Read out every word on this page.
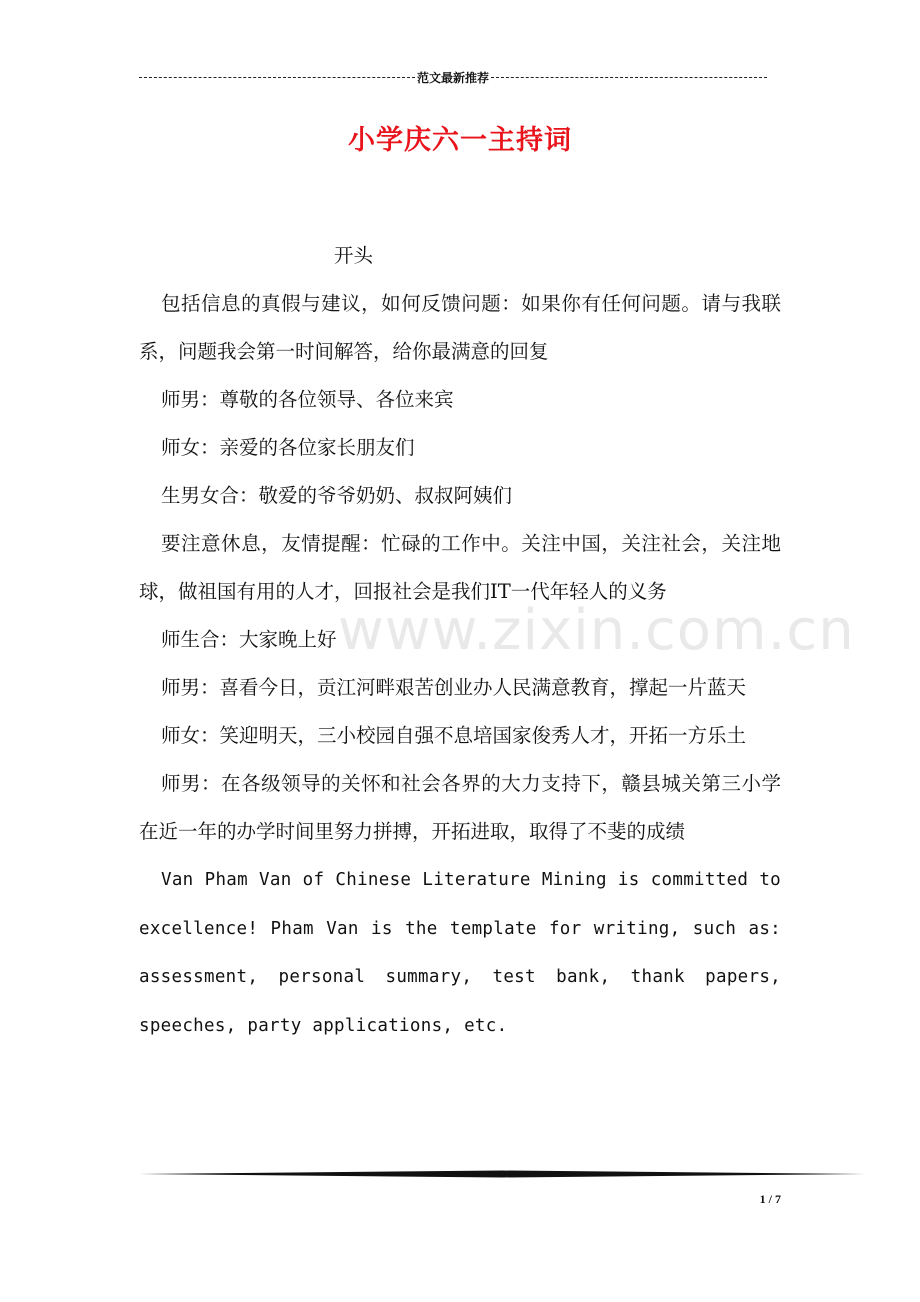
范文最新推荐
小学庆六一主持词
www.zixin.com.cn

开头

包括信息的真假与建议，如何反馈问题：如果你有任何问题。请与我联系，问题我会第一时间解答，给你最满意的回复

师男：尊敬的各位领导、各位来宾

师女：亲爱的各位家长朋友们

生男女合：敬爱的爷爷奶奶、叔叔阿姨们

要注意休息，友情提醒：忙碌的工作中。关注中国，关注社会，关注地球，做祖国有用的人才，回报社会是我们IT一代年轻人的义务

师生合：大家晚上好

师男：喜看今日，贡江河畔艰苦创业办人民满意教育，撑起一片蓝天

师女：笑迎明天，三小校园自强不息培国家俊秀人才，开拓一方乐土

师男：在各级领导的关怀和社会各界的大力支持下，赣县城关第三小学在近一年的办学时间里努力拼搏，开拓进取，取得了不斐的成绩

Van Pham Van of Chinese Literature Mining is committed to excellence! Pham Van is the template for writing, such as: assessment, personal summary, test bank, thank papers, speeches, party applications, etc.

1 / 7
